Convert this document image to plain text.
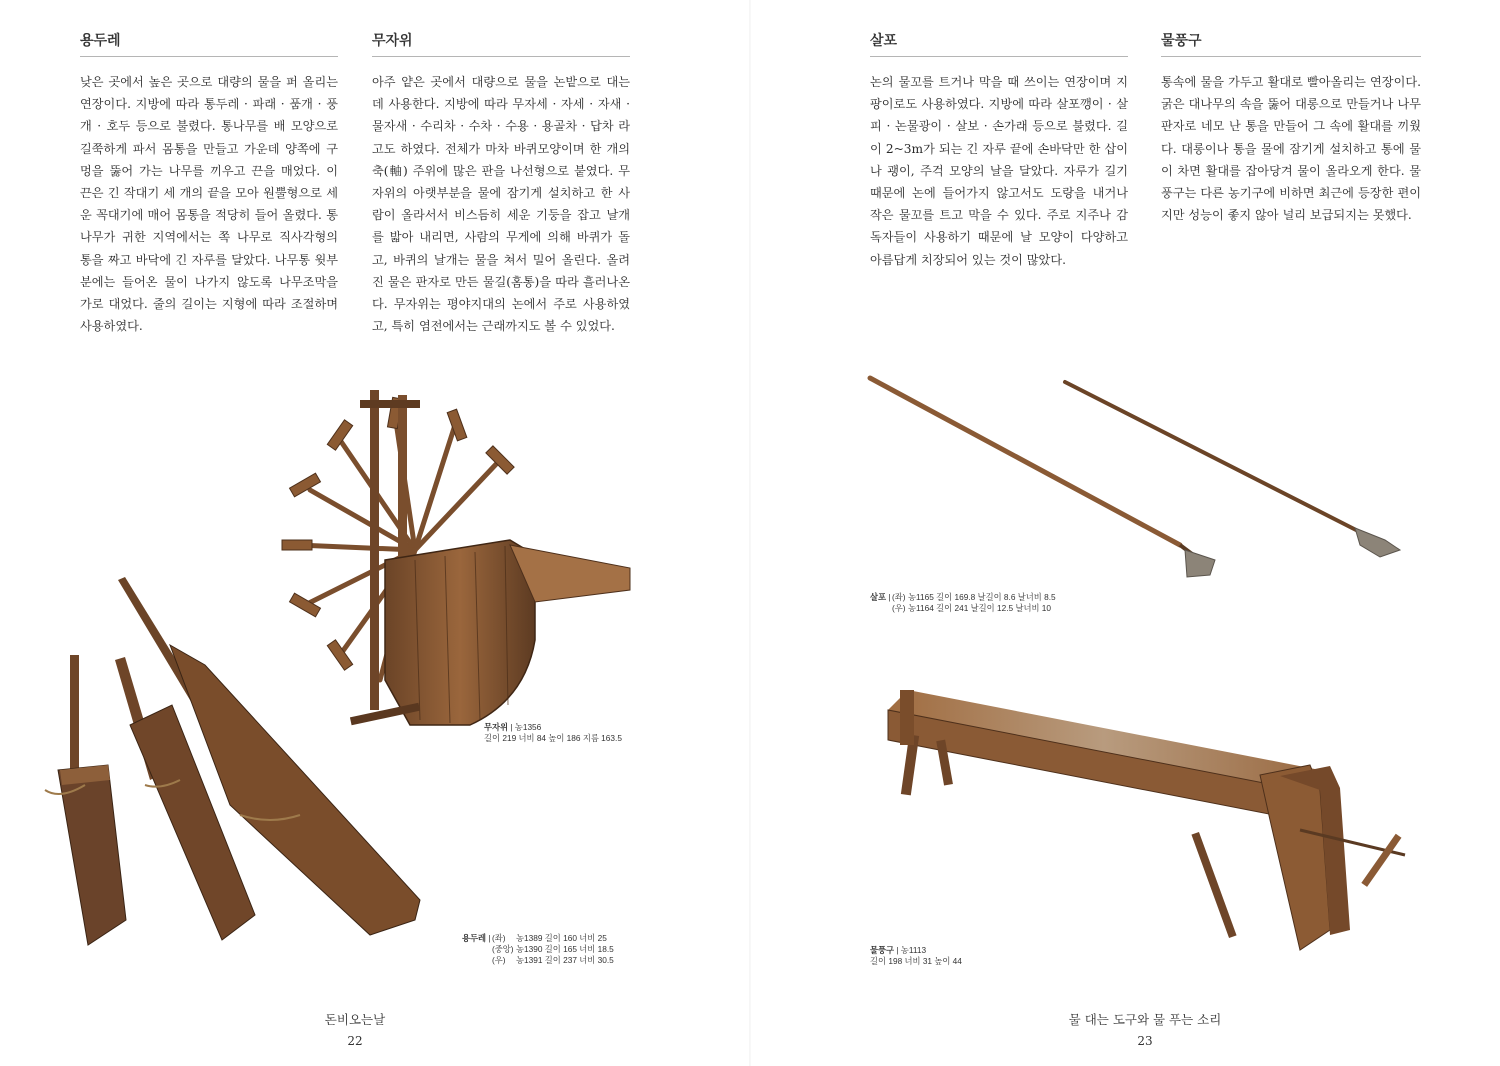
용두레

낮은 곳에서 높은 곳으로 대량의 물을 퍼 올리는 연장이다. 지방에 따라 통두레 · 파래 · 품개 · 풍개 · 호두 등으로 불렸다. 통나무를 배 모양으로 길쭉하게 파서 몸통을 만들고 가운데 양쪽에 구멍을 뚫어 가는 나무를 끼우고 끈을 매었다. 이 끈은 긴 작대기 세 개의 끝을 모아 원뿔형으로 세운 꼭대기에 매어 몸통을 적당히 들어 올렸다. 통나무가 귀한 지역에서는 쪽 나무로 직사각형의 통을 짜고 바닥에 긴 자루를 달았다. 나무통 윗부분에는 들어온 물이 나가지 않도록 나무조막을 가로 대었다. 줄의 길이는 지형에 따라 조절하며 사용하였다.

무자위

아주 얕은 곳에서 대량으로 물을 논밭으로 대는 데 사용한다. 지방에 따라 무자세 · 자세 · 자새 · 물자새 · 수리차 · 수차 · 수용 · 용골차 · 답차 라고도 하였다. 전체가 마차 바퀴모양이며 한 개의 축(軸) 주위에 많은 판을 나선형으로 붙였다. 무자위의 아랫부분을 물에 잠기게 설치하고 한 사람이 올라서서 비스듬히 세운 기둥을 잡고 날개를 밟아 내리면, 사람의 무게에 의해 바퀴가 돌고, 바퀴의 날개는 물을 쳐서 밀어 올린다. 올려진 물은 판자로 만든 물길(홈통)을 따라 흘러나온다. 무자위는 평야지대의 논에서 주로 사용하였고, 특히 염전에서는 근래까지도 볼 수 있었다.

무자위 | 농1356
길이 219 너비 84 높이 186 지름 163.5
용두레 | (좌) 농1389 길이 160 너비 25
(중앙) 농1390 길이 165 너비 18.5
(우) 농1391 길이 237 너비 30.5
돈비오는날
22
살포

논의 물꼬를 트거나 막을 때 쓰이는 연장이며 지팡이로도 사용하였다. 지방에 따라 살포깽이 · 살피 · 논물광이 · 살보 · 손가래 등으로 불렸다. 길이 2~3m가 되는 긴 자루 끝에 손바닥만 한 삽이나 괭이, 주걱 모양의 날을 달았다. 자루가 길기 때문에 논에 들어가지 않고서도 도랑을 내거나 작은 물꼬를 트고 막을 수 있다. 주로 지주나 감독자들이 사용하기 때문에 날 모양이 다양하고 아름답게 치장되어 있는 것이 많았다.

물풍구

통속에 물을 가두고 활대로 빨아올리는 연장이다. 굵은 대나무의 속을 뚫어 대롱으로 만들거나 나무판자로 네모 난 통을 만들어 그 속에 활대를 끼웠다. 대롱이나 통을 물에 잠기게 설치하고 통에 물이 차면 활대를 잡아당겨 물이 올라오게 한다. 물풍구는 다른 농기구에 비하면 최근에 등장한 편이지만 성능이 좋지 않아 널리 보급되지는 못했다.

살포 | (좌) 농1165 길이 169.8 날길이 8.6 날너비 8.5
(우) 농1164 길이 241 날길이 12.5 날너비 10
물풍구 | 농1113
길이 198 너비 31 높이 44
물 대는 도구와 물 푸는 소리
23
